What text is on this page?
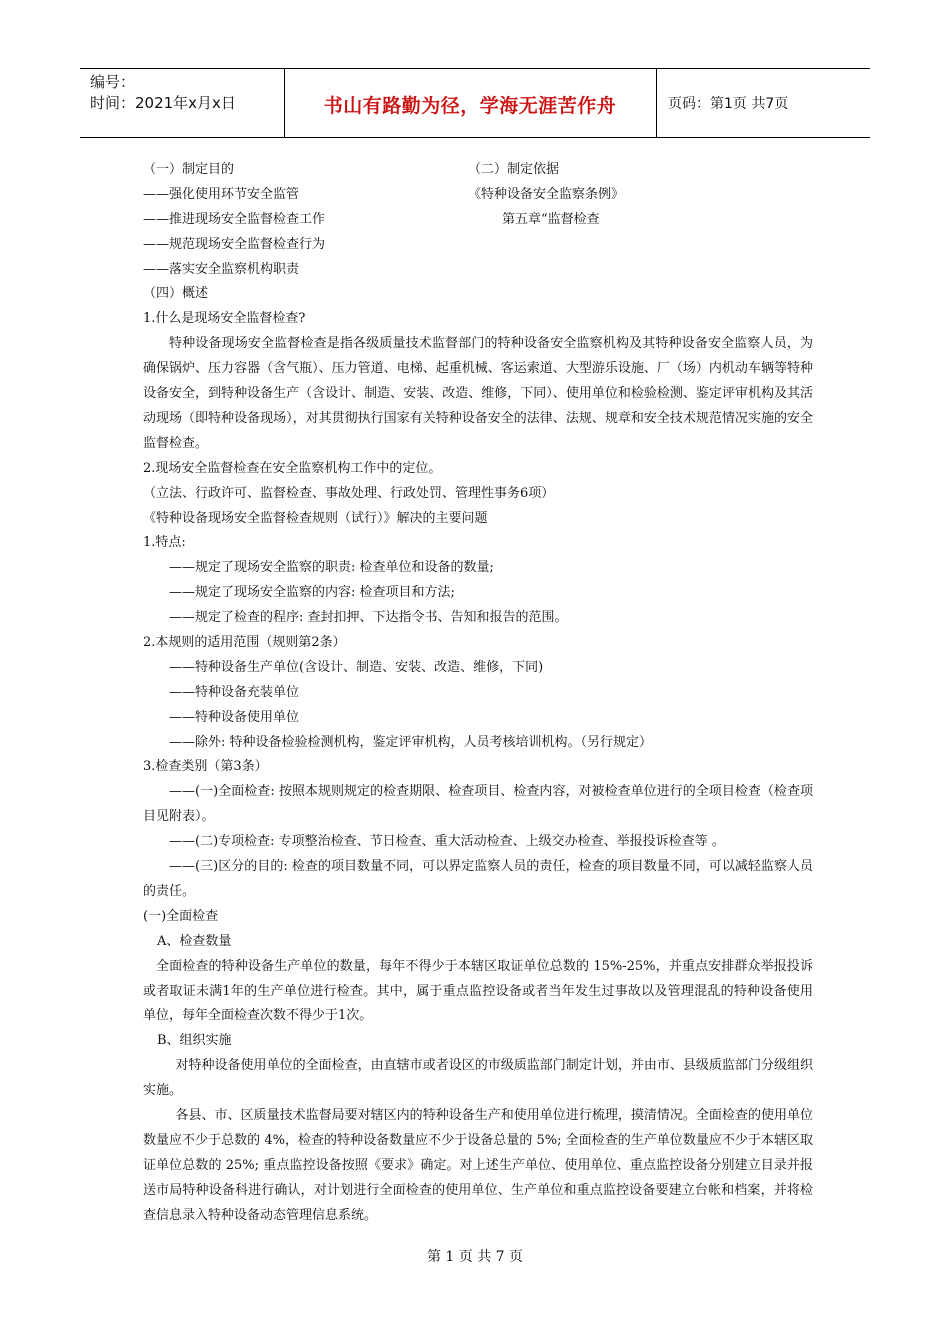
编号：
时间：2021年x月x日	书山有路勤为径，学海无涯苦作舟	页码：第1页 共7页
（一）制定目的	（二）制定依据
——强化使用环节安全监管	《特种设备安全监察条例》
——推进现场安全监督检查工作	第五章“监督检查
——规范现场安全监督检查行为
——落实安全监察机构职责
（四）概述
1.什么是现场安全监督检查?

特种设备现场安全监督检查是指各级质量技术监督部门的特种设备安全监察机构及其特种设备安全监察人员，为确保锅炉、压力容器（含气瓶）、压力管道、电梯、起重机械、客运索道、大型游乐设施、厂（场）内机动车辆等特种设备安全，到特种设备生产（含设计、制造、安装、改造、维修，下同）、使用单位和检验检测、鉴定评审机构及其活动现场（即特种设备现场），对其贯彻执行国家有关特种设备安全的法律、法规、规章和安全技术规范情况实施的安全监督检查。

2.现场安全监督检查在安全监察机构工作中的定位。
（立法、行政许可、监督检查、事故处理、行政处罚、管理性事务6项）
《特种设备现场安全监督检查规则（试行）》解决的主要问题
1.特点:
——规定了现场安全监察的职责: 检查单位和设备的数量;
——规定了现场安全监察的内容: 检查项目和方法;
——规定了检查的程序: 查封扣押、下达指令书、告知和报告的范围。
2.本规则的适用范围（规则第2条）
——特种设备生产单位(含设计、制造、安装、改造、维修，下同)
——特种设备充装单位
——特种设备使用单位
——除外: 特种设备检验检测机构，鉴定评审机构，人员考核培训机构。（另行规定）
3.检查类别（第3条）

——(一)全面检查: 按照本规则规定的检查期限、检查项目、检查内容，对被检查单位进行的全项目检查（检查项目见附表）。

——(二)专项检查: 专项整治检查、节日检查、重大活动检查、上级交办检查、举报投诉检查等 。

——(三)区分的目的: 检查的项目数量不同，可以界定监察人员的责任，检查的项目数量不同，可以减轻监察人员的责任。

(一)全面检查
A、检查数量

全面检查的特种设备生产单位的数量，每年不得少于本辖区取证单位总数的 15%-25%，并重点安排群众举报投诉或者取证未满1年的生产单位进行检查。其中，属于重点监控设备或者当年发生过事故以及管理混乱的特种设备使用单位，每年全面检查次数不得少于1次。

B、组织实施

对特种设备使用单位的全面检查，由直辖市或者设区的市级质监部门制定计划，并由市、县级质监部门分级组织实施。

各县、市、区质量技术监督局要对辖区内的特种设备生产和使用单位进行梳理，摸清情况。全面检查的使用单位数量应不少于总数的 4%，检查的特种设备数量应不少于设备总量的 5%; 全面检查的生产单位数量应不少于本辖区取证单位总数的 25%; 重点监控设备按照《要求》确定。对上述生产单位、使用单位、重点监控设备分别建立目录并报送市局特种设备科进行确认，对计划进行全面检查的使用单位、生产单位和重点监控设备要建立台帐和档案，并将检查信息录入特种设备动态管理信息系统。

第 1 页 共 7 页
